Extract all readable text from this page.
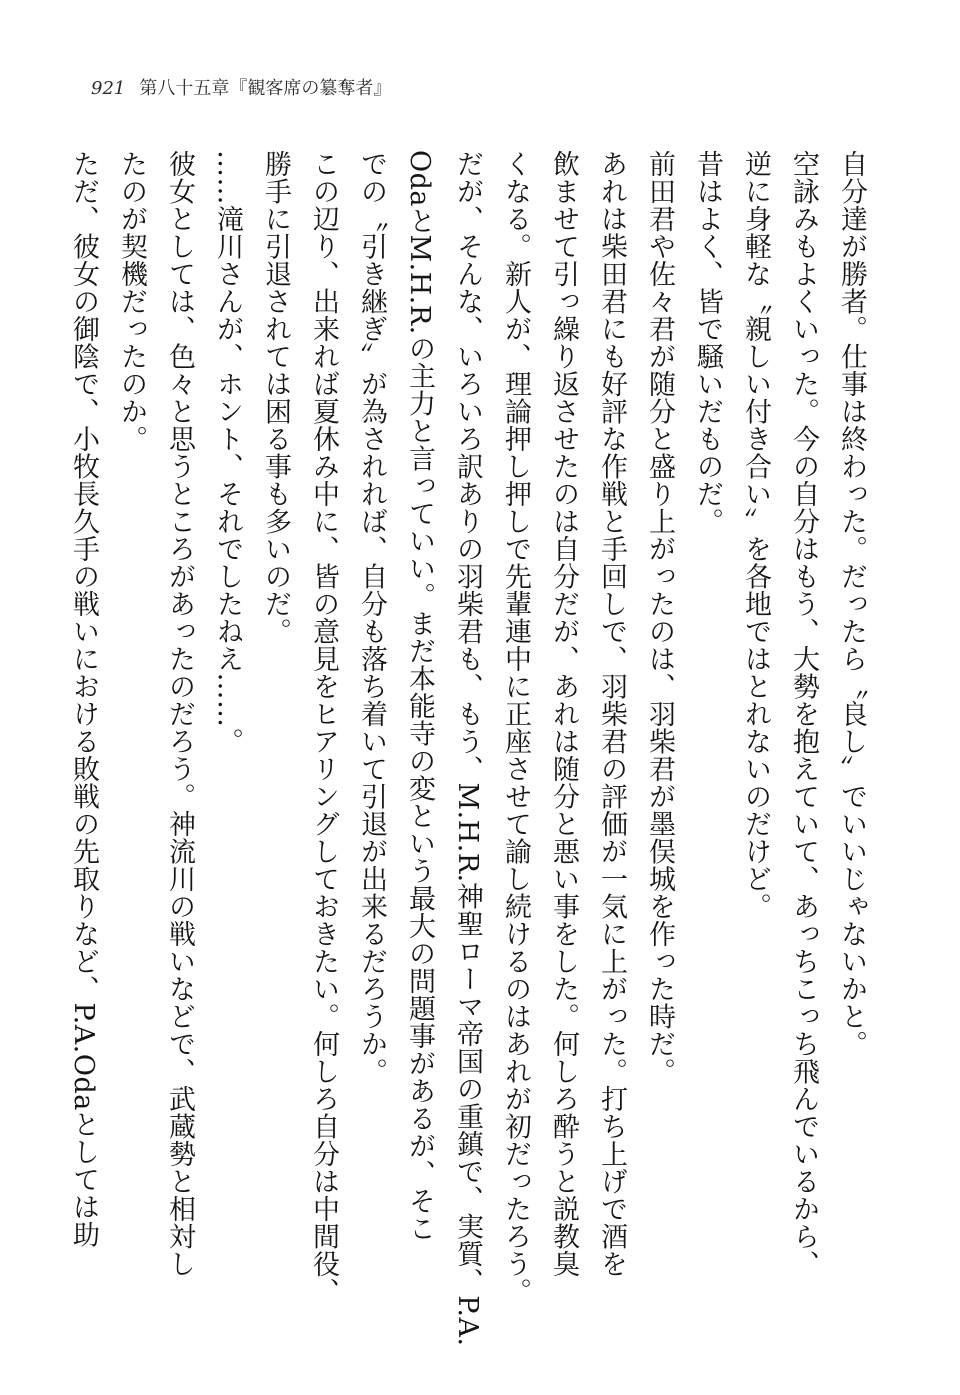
921 第八十五章『観客席の簒奪者』
自分達が勝者。仕事は終わった。だったら〝良し〟でいいじゃないかと。
空詠みもよくいった。今の自分はもう、大勢を抱えていて、あっちこっち飛んでいるから、
逆に身軽な〝親しい付き合い〟を各地ではとれないのだけど。
昔はよく、皆で騒いだものだ。
前田君や佐々君が随分と盛り上がったのは、羽柴君が墨俣城を作った時だ。
あれは柴田君にも好評な作戦と手回しで、羽柴君の評価が一気に上がった。打ち上げで酒を
飲ませて引っ繰り返させたのは自分だが、あれは随分と悪い事をした。何しろ酔うと説教臭
くなる。新人が、理論押し押しで先輩連中に正座させて諭し続けるのはあれが初だったろう。
だが、そんな、いろいろ訳ありの羽柴君も、もう、M.H.R.神聖ローマ帝国の重鎮で、実質、P.A.
OdaとM.H.R.の主力と言っていい。まだ本能寺の変という最大の問題事があるが、そこ
での〝引き継ぎ〟が為されれば、自分も落ち着いて引退が出来るだろうか。
この辺り、出来れば夏休み中に、皆の意見をヒアリングしておきたい。何しろ自分は中間役、
勝手に引退されては困る事も多いのだ。
……滝川さんが、ホント、それでしたねえ……。
彼女としては、色々と思うところがあったのだろう。神流川の戦いなどで、武蔵勢と相対し
たのが契機だったのか。
ただ、彼女の御陰で、小牧長久手の戦いにおける敗戦の先取りなど、P.A.Odaとしては助
